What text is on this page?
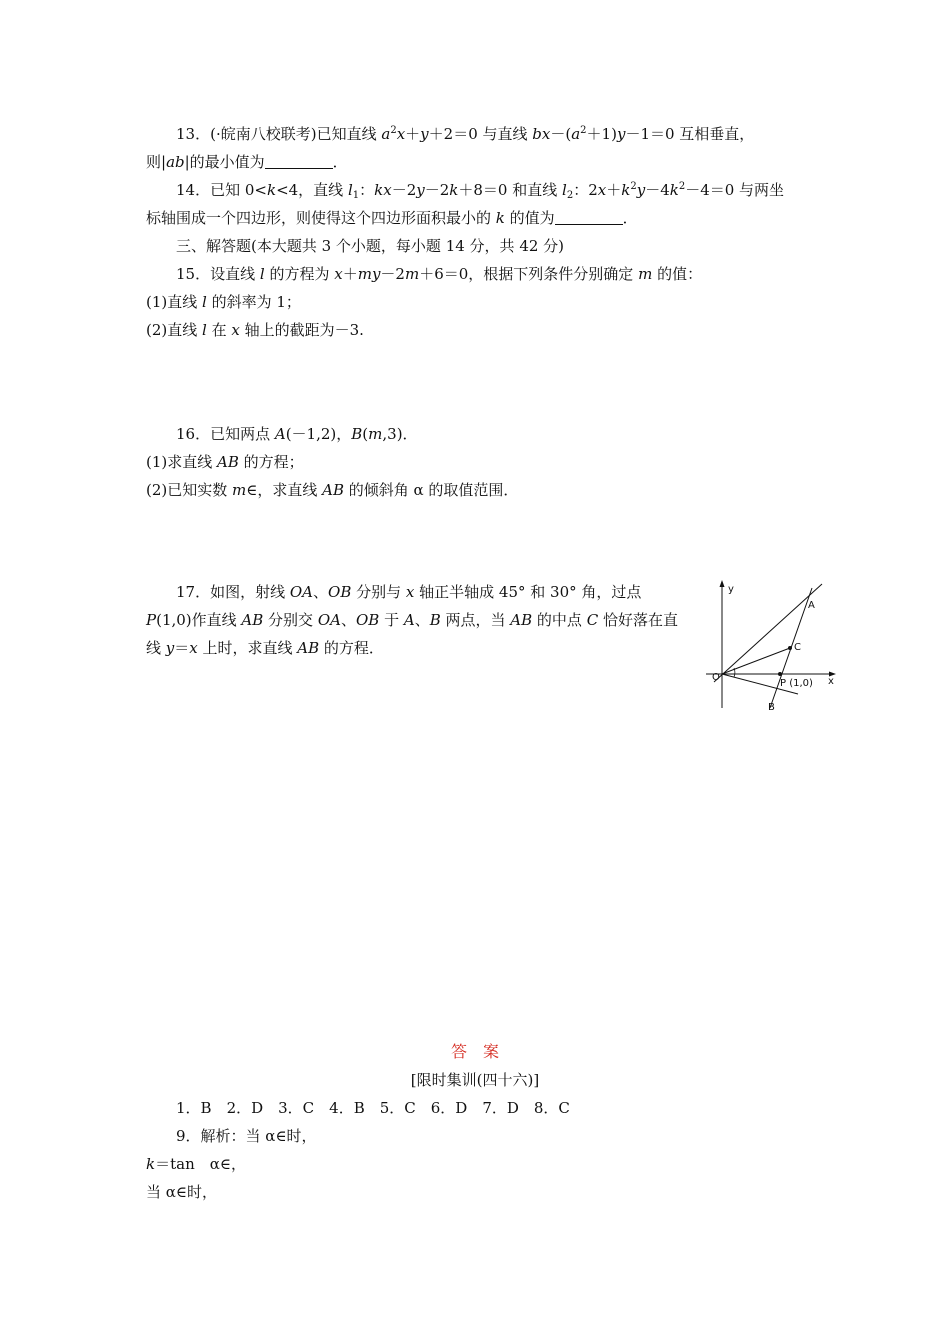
13．(·皖南八校联考)已知直线 $a^2x+y+2=0$ 与直线 $bx-(a^2+1)y-1=0$ 互相垂直，
则|ab|的最小值为	．
14．已知 0<k<4，直线 $l_1$：kx－2y－2k＋8＝0 和直线 $l_2$：$2x+k^2y-4k^2-4=0$ 与两坐
标轴围成一个四边形，则使得这个四边形面积最小的 k 的值为	．
三、解答题(本大题共 3 个小题，每小题 14 分，共 42 分)
15．设直线 l 的方程为 x＋my－2m＋6＝0，根据下列条件分别确定 m 的值：
(1)直线 l 的斜率为 1；
(2)直线 l 在 x 轴上的截距为－3.
16．已知两点 A(－1,2)，B(m,3)．
(1)求直线 AB 的方程；
(2)已知实数 m∈，求直线 AB 的倾斜角 α 的取值范围．
17．如图，射线 OA、OB 分别与 x 轴正半轴成 45° 和 30° 角，过点
P(1,0)作直线 AB 分别交 OA、OB 于 A、B 两点，当 AB 的中点 C 恰好落在直
线 y＝x 上时，求直线 AB 的方程．
y
x
O
A
B
C
P (1,0)
答　案
[限时集训(四十六)]
1．B　2．D　3．C　4．B　5．C　6．D　7．D　8．C
9．解析：当 α∈时，
k＝tan　α∈，
当 α∈时，
